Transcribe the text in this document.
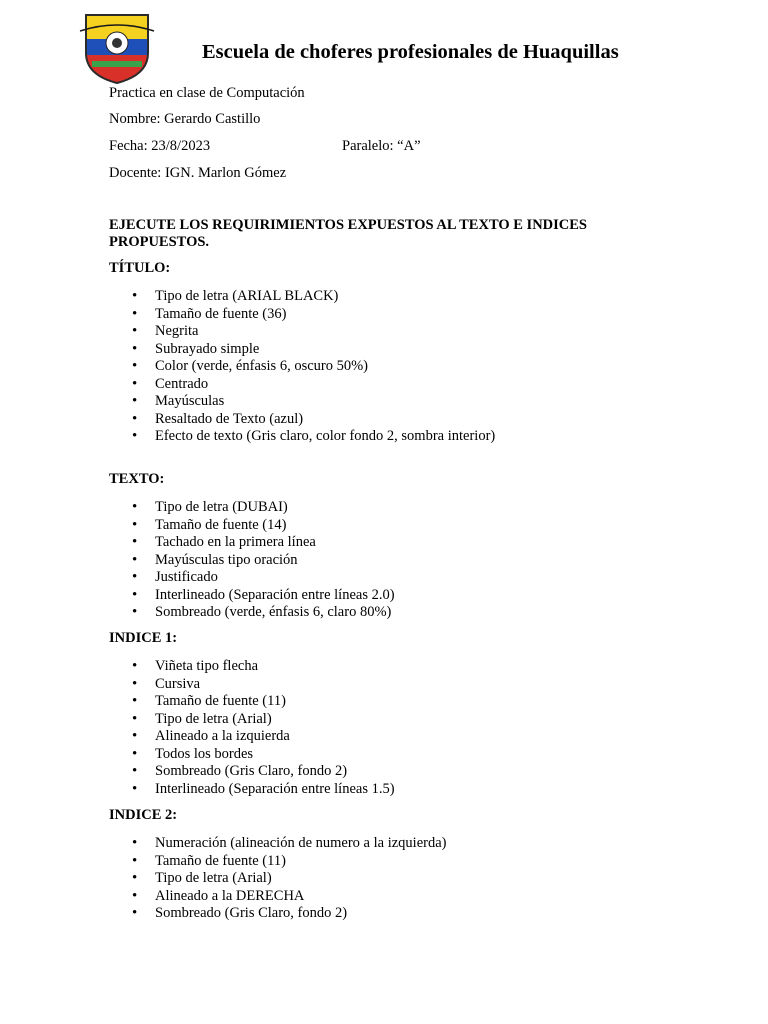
Escuela de choferes profesionales de Huaquillas

Practica en clase de Computación

Nombre: Gerardo Castillo

Fecha: 23/8/2023	Paralelo: “A”

Docente: IGN. Marlon Gómez

EJECUTE LOS REQUIRIMIENTOS EXPUESTOS AL TEXTO E INDICES PROPUESTOS.

TÍTULO:

• Tipo de letra (ARIAL BLACK)
• Tamaño de fuente (36)
• Negrita
• Subrayado simple
• Color (verde, énfasis 6, oscuro 50%)
• Centrado
• Mayúsculas
• Resaltado de Texto (azul)
• Efecto de texto (Gris claro, color fondo 2, sombra interior)

TEXTO:

• Tipo de letra (DUBAI)
• Tamaño de fuente (14)
• Tachado en la primera línea
• Mayúsculas tipo oración
• Justificado
• Interlineado (Separación entre líneas 2.0)
• Sombreado (verde, énfasis 6, claro 80%)

INDICE 1:

• Viñeta tipo flecha
• Cursiva
• Tamaño de fuente (11)
• Tipo de letra (Arial)
• Alineado a la izquierda
• Todos los bordes
• Sombreado (Gris Claro, fondo 2)
• Interlineado (Separación entre líneas 1.5)

INDICE 2:

• Numeración (alineación de numero a la izquierda)
• Tamaño de fuente (11)
• Tipo de letra (Arial)
• Alineado a la DERECHA
• Sombreado (Gris Claro, fondo 2)
